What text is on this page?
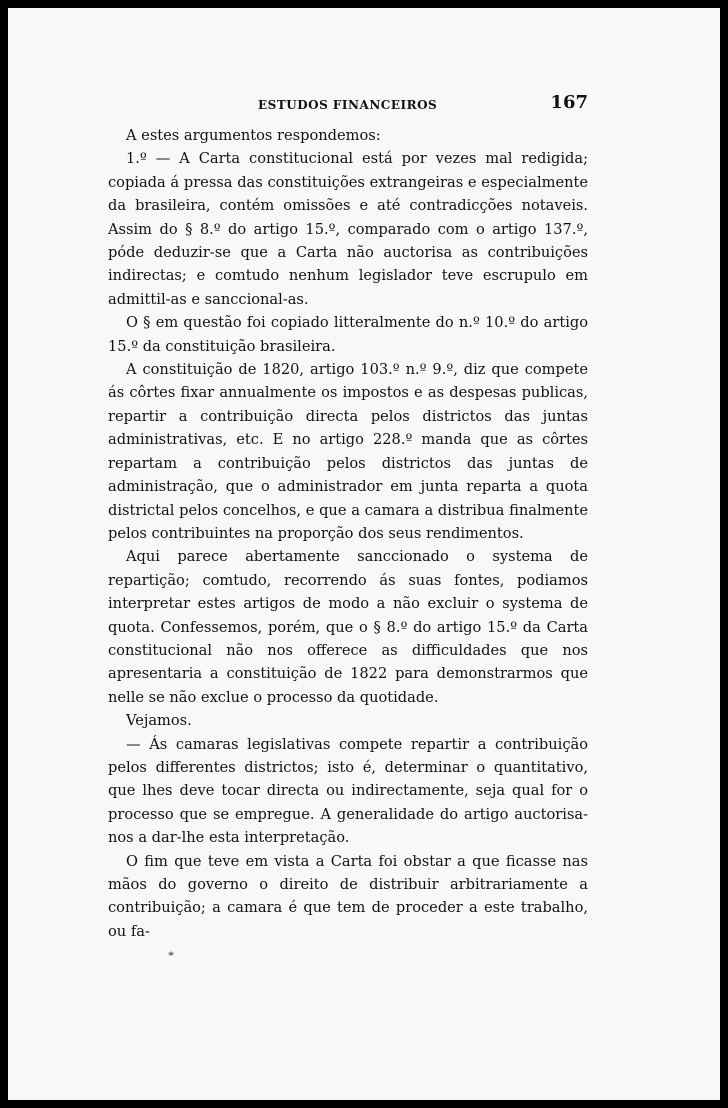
ESTUDOS FINANCEIROS	167

A estes argumentos respondemos:

1.º — A Carta constitucional está por vezes mal redigida; copiada á pressa das constituições extrangeiras e especialmente da brasileira, contém omissões e até contradicções notaveis. Assim do § 8.º do artigo 15.º, comparado com o artigo 137.º, póde deduzir-se que a Carta não auctorisa as contribuições indirectas; e comtudo nenhum legislador teve escrupulo em admittil-as e sanccional-as.

O § em questão foi copiado litteralmente do n.º 10.º do artigo 15.º da constituição brasileira.

A constituição de 1820, artigo 103.º n.º 9.º, diz que compete ás côrtes fixar annualmente os impostos e as despesas publicas, repartir a contribuição directa pelos districtos das juntas administrativas, etc. E no artigo 228.º manda que as côrtes repartam a contribuição pelos districtos das juntas de administração, que o administrador em junta reparta a quota districtal pelos concelhos, e que a camara a distribua finalmente pelos contribuintes na proporção dos seus rendimentos.

Aqui parece abertamente sanccionado o systema de repartição; comtudo, recorrendo ás suas fontes, podiamos interpretar estes artigos de modo a não excluir o systema de quota. Confessemos, porém, que o § 8.º do artigo 15.º da Carta constitucional não nos offerece as difficuldades que nos apresentaria a constituição de 1822 para demonstrarmos que nelle se não exclue o processo da quotidade.

Vejamos.

— Ás camaras legislativas compete repartir a contribuição pelos differentes districtos; isto é, determinar o quantitativo, que lhes deve tocar directa ou indirectamente, seja qual for o processo que se empregue. A generalidade do artigo auctorisa-nos a dar-lhe esta interpretação.

O fim que teve em vista a Carta foi obstar a que ficasse nas mãos do governo o direito de distribuir arbitrariamente a contribuição; a camara é que tem de proceder a este trabalho, ou fa-

*
